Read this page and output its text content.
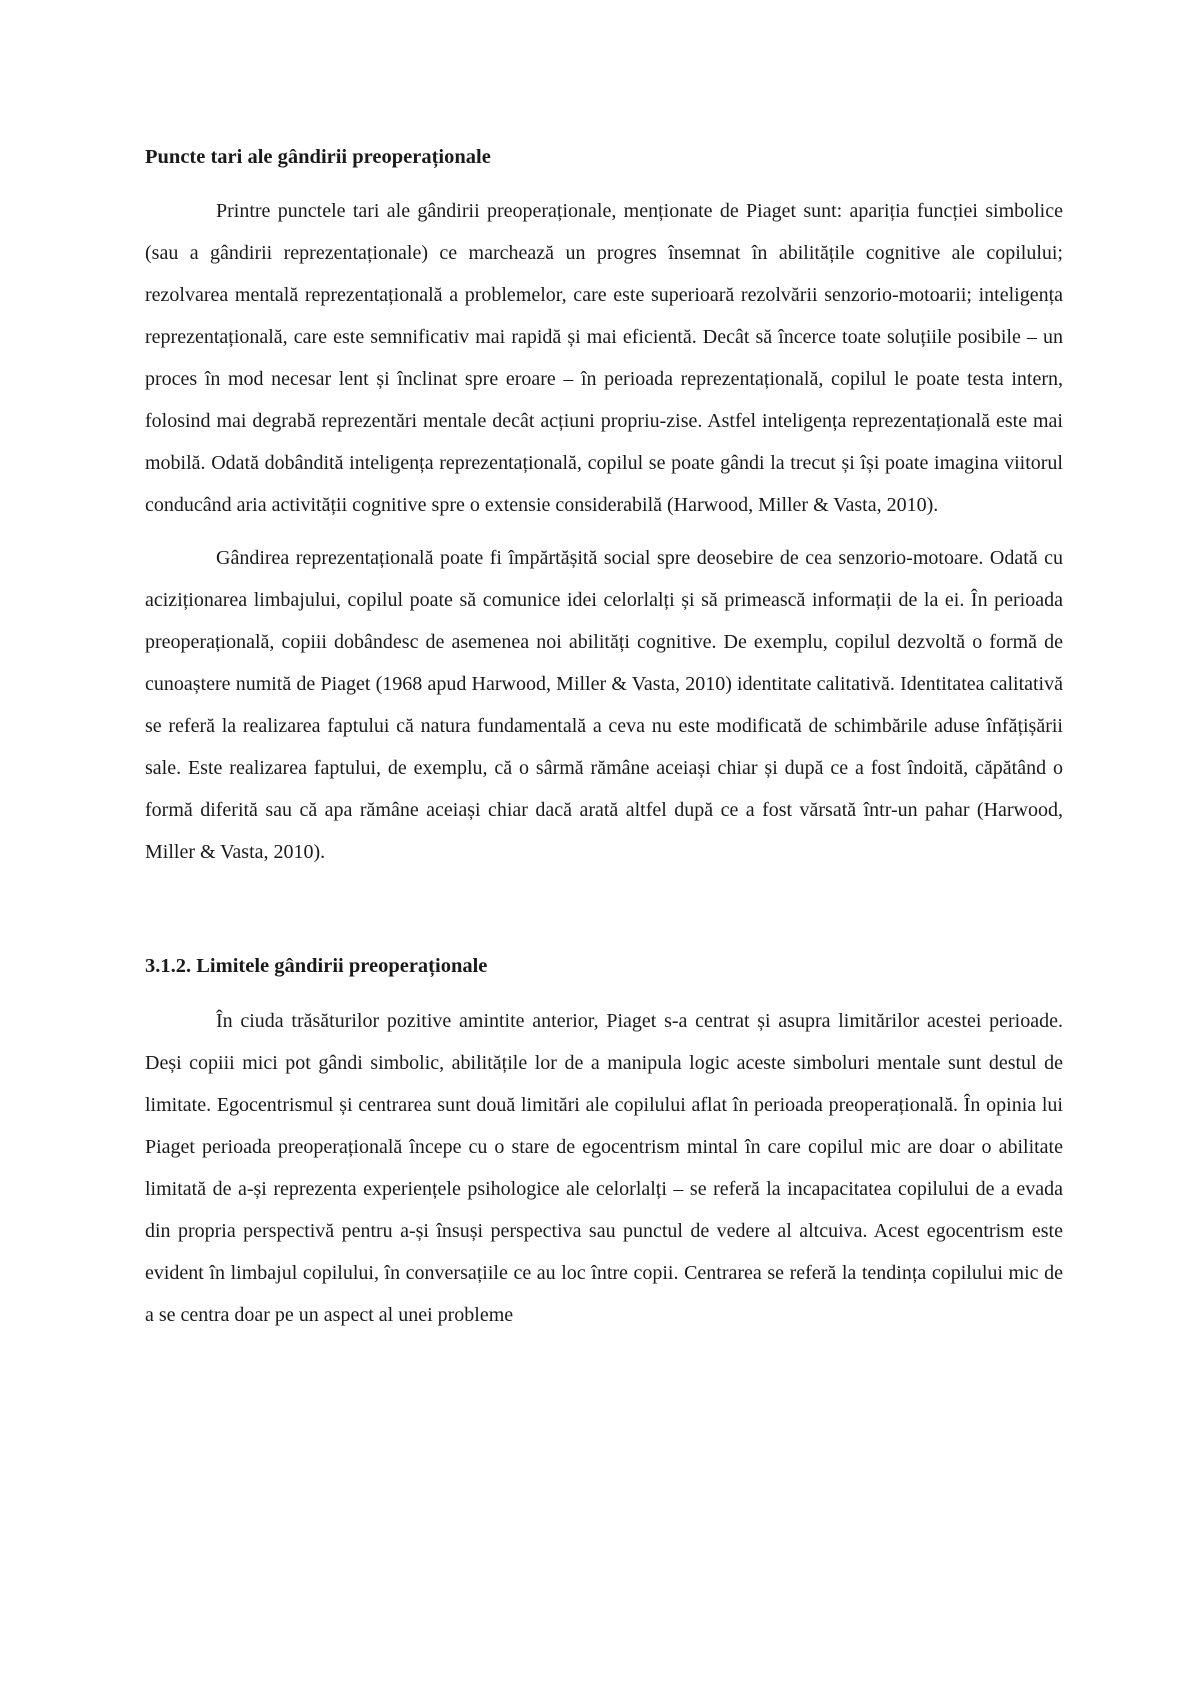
Puncte tari ale gândirii preoperaționale

Printre punctele tari ale gândirii preoperaționale, menționate de Piaget sunt: apariția funcției simbolice (sau a gândirii reprezentaționale) ce marchează un progres însemnat în abilitățile cognitive ale copilului; rezolvarea mentală reprezentațională a problemelor, care este superioară rezolvării senzorio-motoarii; inteligența reprezentațională, care este semnificativ mai rapidă și mai eficientă. Decât să încerce toate soluțiile posibile – un proces în mod necesar lent și înclinat spre eroare – în perioada reprezentațională, copilul le poate testa intern, folosind mai degrabă reprezentări mentale decât acțiuni propriu-zise. Astfel inteligența reprezentațională este mai mobilă. Odată dobândită inteligența reprezentațională, copilul se poate gândi la trecut și își poate imagina viitorul conducând aria activității cognitive spre o extensie considerabilă (Harwood, Miller & Vasta, 2010).

Gândirea reprezentațională poate fi împărtășită social spre deosebire de cea senzorio-motoare. Odată cu aciziționarea limbajului, copilul poate să comunice idei celorlalți și să primească informații de la ei. În perioada preoperațională, copiii dobândesc de asemenea noi abilități cognitive. De exemplu, copilul dezvoltă o formă de cunoaștere numită de Piaget (1968 apud Harwood, Miller & Vasta, 2010) identitate calitativă. Identitatea calitativă se referă la realizarea faptului că natura fundamentală a ceva nu este modificată de schimbările aduse înfățișării sale. Este realizarea faptului, de exemplu, că o sârmă rămâne aceiași chiar și după ce a fost îndoită, căpătând o formă diferită sau că apa rămâne aceiași chiar dacă arată altfel după ce a fost vărsată într-un pahar (Harwood, Miller & Vasta, 2010).

3.1.2. Limitele gândirii preoperaționale

În ciuda trăsăturilor pozitive amintite anterior, Piaget s-a centrat și asupra limitărilor acestei perioade. Deși copiii mici pot gândi simbolic, abilitățile lor de a manipula logic aceste simboluri mentale sunt destul de limitate. Egocentrismul și centrarea sunt două limitări ale copilului aflat în perioada preoperațională. În opinia lui Piaget perioada preoperațională începe cu o stare de egocentrism mintal în care copilul mic are doar o abilitate limitată de a-și reprezenta experiențele psihologice ale celorlalți – se referă la incapacitatea copilului de a evada din propria perspectivă pentru a-și însuși perspectiva sau punctul de vedere al altcuiva. Acest egocentrism este evident în limbajul copilului, în conversațiile ce au loc între copii. Centrarea se referă la tendința copilului mic de a se centra doar pe un aspect al unei probleme
